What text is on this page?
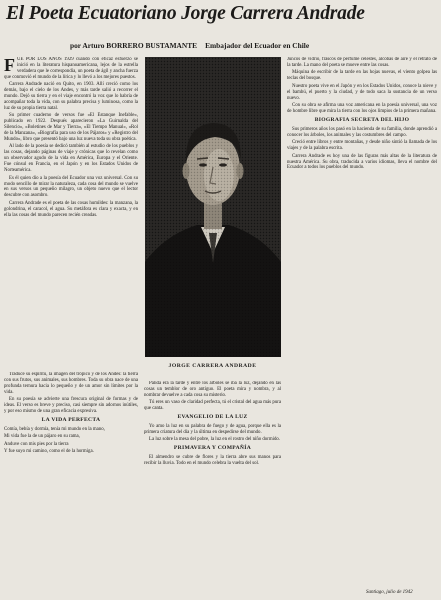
El Poeta Ecuatoriano Jorge Carrera Andrade
por Arturo BORRERO BUSTAMANTE Embajador del Ecuador en Chile
F UE POR LOS AÑOS 1929 cuando con eficaz esfuerzo se inició en la literatura hispanoamericana, lejos de la estrella verdadera que le correspondía, un poeta de ágil y ancha fuerza que conmovió el mundo de la lírica y lo llevó a los mejores puestos.

Carrera Andrade nació en Quito, en 1903. Allí creció como los demás, bajo el cielo de los Andes, y más tarde salió a recorrer el mundo. Dejó su tierra y en el viaje encontró la voz que lo habría de acompañar toda la vida, con su palabra precisa y luminosa, como la luz de su propia tierra natal.

Su primer cuaderno de versos fue «El Estanque Inefable», publicado en 1922. Después aparecieron «La Guirnalda del Silencio», «Boletines de Mar y Tierra», «El Tiempo Manual», «Rol de la Manzana», «Biografía para uso de los Pájaros» y «Registro del Mundo», libro que presentó bajo una luz nueva toda su obra poética.

Al lado de la poesía se dedicó también al estudio de los pueblos y las cosas, dejando páginas de viaje y crónicas que lo revelan como un observador agudo de la vida en América, Europa y el Oriente. Fue cónsul en Francia, en el Japón y en los Estados Unidos de Norteamérica.

Es él quien dio a la poesía del Ecuador una voz universal. Con su modo sencillo de mirar la naturaleza, cada cosa del mundo se vuelve en sus versos un pequeño milagro, un objeto nuevo que el lector descubre con asombro.

Carrera Andrade es el poeta de las cosas humildes: la manzana, la golondrina, el caracol, el agua. Su metáfora es clara y exacta, y en ella las cosas del mundo parecen recién creadas.

Traduce su espíritu, la imagen del trópico y de los Andes: la tierra con sus frutos, sus animales, sus hombres. Toda su obra nace de una profunda ternura hacia lo pequeño y de un amor sin límites por la vida.

En su poesía se advierte una frescura original de formas y de ideas. El verso es breve y preciso, casi siempre sin adornos inútiles, y por eso mismo de una gran eficacia expresiva.

LA VIDA PERFECTA

Comía, bebía y dormía, tenía mi mundo en la mano,

Mi vida fue la de un pájaro en su rama,

Anduve con mis pies por la tierra

Y fue suyo mi camino, como el de la hormiga.

JORGE CARRERA ANDRADE

Pálida era la tarde y entre los árboles se iba la luz, dejando en las cosas un temblor de oro antiguo. El poeta mira y nombra, y al nombrar devuelve a cada cosa su misterio.

Tú eres un vaso de claridad perfecta, tú el cristal del agua más pura que canta.

EVANGELIO DE LA LUZ

Yo amo la luz en su palabra de fuego y de agua, porque ella es la primera criatura del día y la última en despedirse del mundo.

La luz sobre la mesa del pobre, la luz en el rostro del niño dormido.

PRIMAVERA Y COMPAÑÍA

El almendro se cubre de flores y la tierra abre sus manos para recibir la lluvia. Todo en el mundo celebra la vuelta del sol.

Juncos de vidrio, frascos de perfume celestes, alcobas de aire y el retrato de la tarde. La mano del poeta se mueve entre las cosas.

Máquina de escribir de la tarde en las hojas nuevas, el viento golpea las teclas del bosque.

Nuestro poeta vive en el Japón y en los Estados Unidos, conoce la nieve y el bambú, el puerto y la ciudad, y de todo saca la sustancia de un verso nuevo.

Con su obra se afirma una voz americana en la poesía universal, una voz de hombre libre que mira la tierra con los ojos limpios de la primera mañana.

BIOGRAFIA SECRETA DEL HIJO

Sus primeros años los pasó en la hacienda de su familia, donde aprendió a conocer los árboles, los animales y las costumbres del campo.

Creció entre libros y entre montañas, y desde niño sintió la llamada de los viajes y de la palabra escrita.

Carrera Andrade es hoy una de las figuras más altas de la literatura de nuestra América. Su obra, traducida a varios idiomas, lleva el nombre del Ecuador a todos los pueblos del mundo.

Santiago, julio de 1942
